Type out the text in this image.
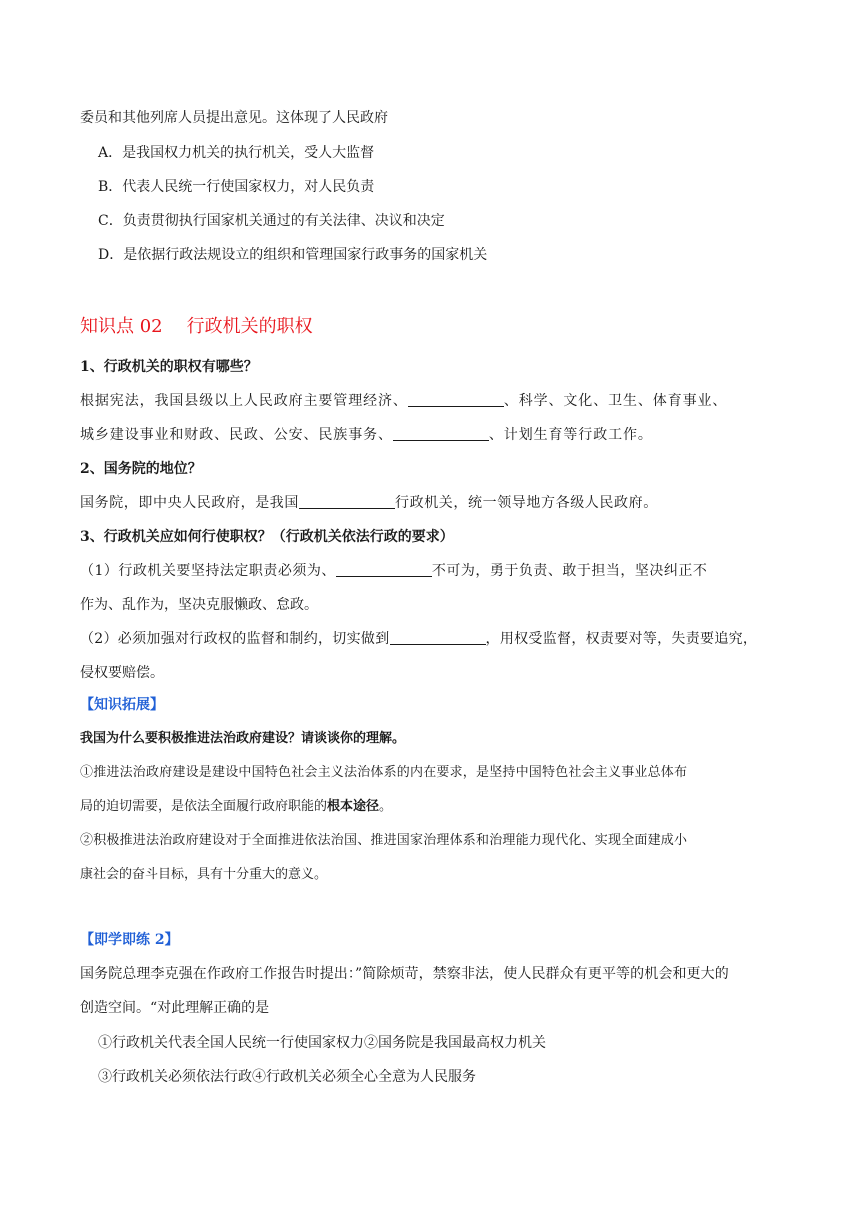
委员和其他列席人员提出意见。这体现了人民政府
A．是我国权力机关的执行机关，受人大监督
B．代表人民统一行使国家权力，对人民负责
C．负责贯彻执行国家机关通过的有关法律、决议和决定
D．是依据行政法规设立的组织和管理国家行政事务的国家机关
知识点 02 行政机关的职权
1、行政机关的职权有哪些？
根据宪法，我国县级以上人民政府主要管理经济、	、科学、文化、卫生、体育事业、
城乡建设事业和财政、民政、公安、民族事务、	、计划生育等行政工作。
2、国务院的地位？
国务院，即中央人民政府，是我国	行政机关，统一领导地方各级人民政府。
3、行政机关应如何行使职权？（行政机关依法行政的要求）
（1）行政机关要坚持法定职责必须为、	不可为，勇于负责、敢于担当，坚决纠正不
作为、乱作为，坚决克服懒政、怠政。
（2）必须加强对行政权的监督和制约，切实做到	，用权受监督，权责要对等，失责要追究，
侵权要赔偿。
【知识拓展】
我国为什么要积极推进法治政府建设？请谈谈你的理解。
①推进法治政府建设是建设中国特色社会主义法治体系的内在要求，是坚持中国特色社会主义事业总体布
局的迫切需要，是依法全面履行政府职能的根本途径。
②积极推进法治政府建设对于全面推进依法治国、推进国家治理体系和治理能力现代化、实现全面建成小
康社会的奋斗目标，具有十分重大的意义。
【即学即练 2】
国务院总理李克强在作政府工作报告时提出：”简除烦苛，禁察非法，使人民群众有更平等的机会和更大的
创造空间。“对此理解正确的是
①行政机关代表全国人民统一行使国家权力②国务院是我国最高权力机关
③行政机关必须依法行政④行政机关必须全心全意为人民服务
